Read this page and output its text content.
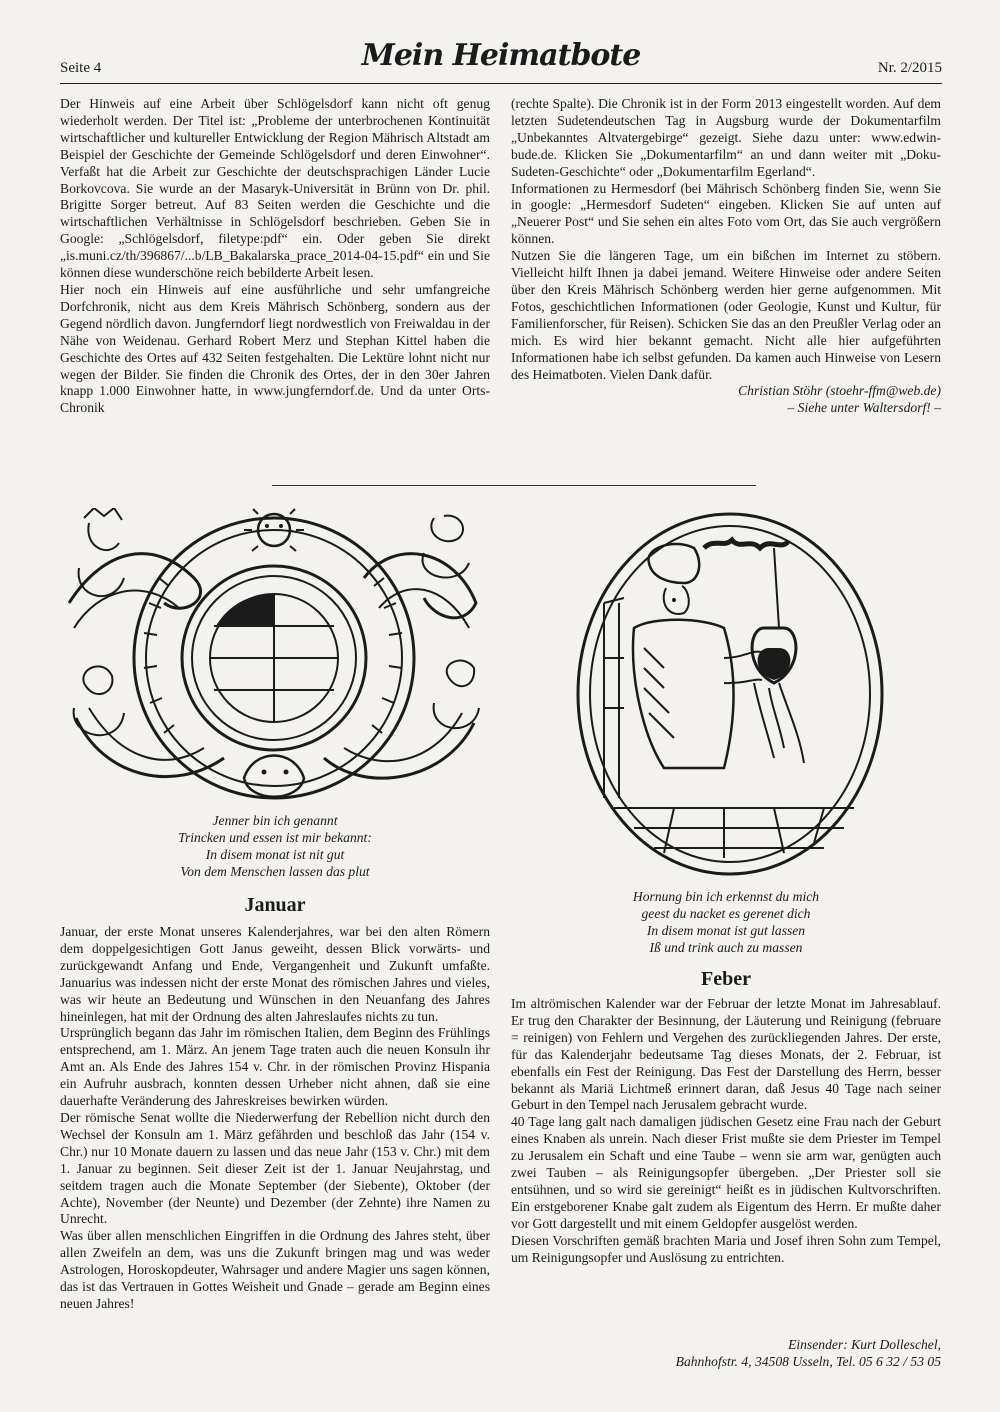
Seite 4	Mein Heimatbote	Nr. 2/2015

Der Hinweis auf eine Arbeit über Schlögelsdorf kann nicht oft genug wiederholt werden. Der Titel ist: „Probleme der unterbrochenen Kontinuität wirtschaftlicher und kultureller Entwicklung der Region Mährisch Altstadt am Beispiel der Geschichte der Gemeinde Schlögelsdorf und deren Einwohner“. Verfaßt hat die Arbeit zur Geschichte der deutschsprachigen Länder Lucie Borkovcova. Sie wurde an der Masaryk-Universität in Brünn von Dr. phil. Brigitte Sorger betreut. Auf 83 Seiten werden die Geschichte und die wirtschaftlichen Verhältnisse in Schlögelsdorf beschrieben. Geben Sie in Google: „Schlögelsdorf, filetype:pdf“ ein. Oder geben Sie direkt „is.muni.cz/th/396867/...b/LB_Bakalarska_prace_2014-04-15.pdf“ ein und Sie können diese wunderschöne reich bebilderte Arbeit lesen.

Hier noch ein Hinweis auf eine ausführliche und sehr umfangreiche Dorfchronik, nicht aus dem Kreis Mährisch Schönberg, sondern aus der Gegend nördlich davon. Jungferndorf liegt nordwestlich von Freiwaldau in der Nähe von Weidenau. Gerhard Robert Merz und Stephan Kittel haben die Geschichte des Ortes auf 432 Seiten festgehalten. Die Lektüre lohnt nicht nur wegen der Bilder. Sie finden die Chronik des Ortes, der in den 30er Jahren knapp 1.000 Einwohner hatte, in www.jungferndorf.de. Und da unter Orts-Chronik

(rechte Spalte). Die Chronik ist in der Form 2013 eingestellt worden. Auf dem letzten Sudetendeutschen Tag in Augsburg wurde der Dokumentarfilm „Unbekanntes Altvatergebirge“ gezeigt. Siehe dazu unter: www.edwin-bude.de. Klicken Sie „Dokumentarfilm“ an und dann weiter mit „Doku-Sudeten-Geschichte“ oder „Dokumentarfilm Egerland“.

Informationen zu Hermesdorf (bei Mährisch Schönberg finden Sie, wenn Sie in google: „Hermesdorf Sudeten“ eingeben. Klicken Sie auf unten auf „Neuerer Post“ und Sie sehen ein altes Foto vom Ort, das Sie auch vergrößern können.

Nutzen Sie die längeren Tage, um ein bißchen im Internet zu stöbern. Vielleicht hilft Ihnen ja dabei jemand. Weitere Hinweise oder andere Seiten über den Kreis Mährisch Schönberg werden hier gerne aufgenommen. Mit Fotos, geschichtlichen Informationen (oder Geologie, Kunst und Kultur, für Familienforscher, für Reisen). Schicken Sie das an den Preußler Verlag oder an mich. Es wird hier bekannt gemacht. Nicht alle hier aufgeführten Informationen habe ich selbst gefunden. Da kamen auch Hinweise von Lesern des Heimatboten. Vielen Dank dafür.

Christian Stöhr (stoehr-ffm@web.de)

– Siehe unter Waltersdorf! –

Jenner bin ich genannt
Trincken und essen ist mir bekannt:
In disem monat ist nit gut
Von dem Menschen lassen das plut
Hornung bin ich erkennst du mich
geest du nacket es gerenet dich
In disem monat ist gut lassen
Iß und trink auch zu massen
Januar
Feber

Januar, der erste Monat unseres Kalenderjahres, war bei den alten Römern dem doppelgesichtigen Gott Janus geweiht, dessen Blick vorwärts- und zurückgewandt Anfang und Ende, Vergangenheit und Zukunft umfaßte. Januarius was indessen nicht der erste Monat des römischen Jahres und vieles, was wir heute an Bedeutung und Wünschen in den Neuanfang des Jahres hineinlegen, hat mit der Ordnung des alten Jahreslaufes nichts zu tun.

Ursprünglich begann das Jahr im römischen Italien, dem Beginn des Frühlings entsprechend, am 1. März. An jenem Tage traten auch die neuen Konsuln ihr Amt an. Als Ende des Jahres 154 v. Chr. in der römischen Provinz Hispania ein Aufruhr ausbrach, konnten dessen Urheber nicht ahnen, daß sie eine dauerhafte Veränderung des Jahreskreises bewirken würden.

Der römische Senat wollte die Niederwerfung der Rebellion nicht durch den Wechsel der Konsuln am 1. März gefährden und beschloß das Jahr (154 v. Chr.) nur 10 Monate dauern zu lassen und das neue Jahr (153 v. Chr.) mit dem 1. Januar zu beginnen. Seit dieser Zeit ist der 1. Januar Neujahrstag, und seitdem tragen auch die Monate September (der Siebente), Oktober (der Achte), November (der Neunte) und Dezember (der Zehnte) ihre Namen zu Unrecht.

Was über allen menschlichen Eingriffen in die Ordnung des Jahres steht, über allen Zweifeln an dem, was uns die Zukunft bringen mag und was weder Astrologen, Horoskopdeuter, Wahrsager und andere Magier uns sagen können, das ist das Vertrauen in Gottes Weisheit und Gnade – gerade am Beginn eines neuen Jahres!

Im altrömischen Kalender war der Februar der letzte Monat im Jahresablauf. Er trug den Charakter der Besinnung, der Läuterung und Reinigung (februare = reinigen) von Fehlern und Vergehen des zurückliegenden Jahres. Der erste, für das Kalenderjahr bedeutsame Tag dieses Monats, der 2. Februar, ist ebenfalls ein Fest der Reinigung. Das Fest der Darstellung des Herrn, besser bekannt als Mariä Lichtmeß erinnert daran, daß Jesus 40 Tage nach seiner Geburt in den Tempel nach Jerusalem gebracht wurde.

40 Tage lang galt nach damaligen jüdischen Gesetz eine Frau nach der Geburt eines Knaben als unrein. Nach dieser Frist mußte sie dem Priester im Tempel zu Jerusalem ein Schaft und eine Taube – wenn sie arm war, genügten auch zwei Tauben – als Reinigungsopfer übergeben. „Der Priester soll sie entsühnen, und so wird sie gereinigt“ heißt es in jüdischen Kultvorschriften. Ein erstgeborener Knabe galt zudem als Eigentum des Herrn. Er mußte daher vor Gott dargestellt und mit einem Geldopfer ausgelöst werden.

Diesen Vorschriften gemäß brachten Maria und Josef ihren Sohn zum Tempel, um Reinigungsopfer und Auslösung zu entrichten.

Einsender: Kurt Dolleschel,
Bahnhofstr. 4, 34508 Usseln, Tel. 05 6 32 / 53 05
